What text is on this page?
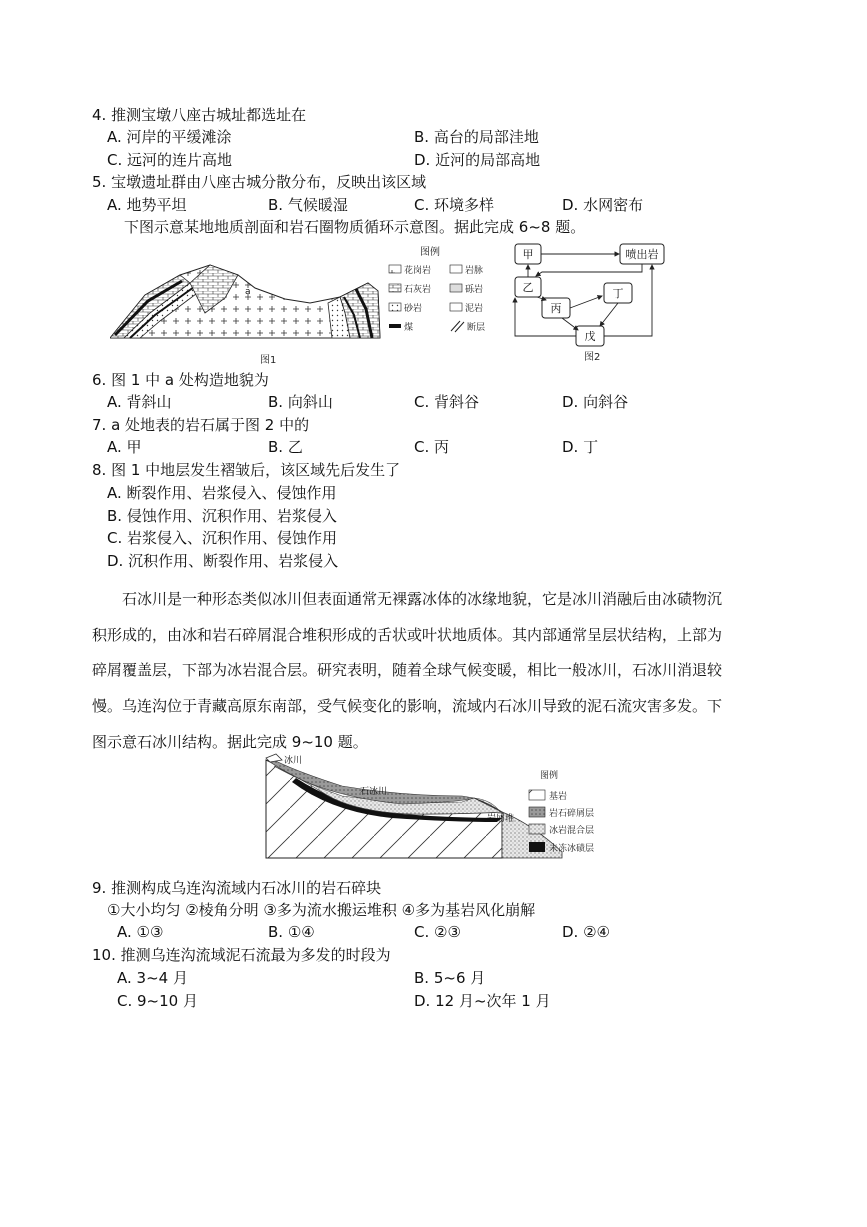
4. 推测宝墩八座古城址都选址在
A. 河岸的平缓滩涂	B. 高台的局部洼地
C. 远河的连片高地	D. 近河的局部高地
5. 宝墩遗址群由八座古城分散分布，反映出该区域
A. 地势平坦	B. 气候暖湿	C. 环境多样	D. 水网密布
下图示意某地地质剖面和岩石圈物质循环示意图。据此完成 6~8 题。
a
图1
图例
花岗岩	岩脉
石灰岩	砾岩
砂岩	泥岩
煤	断层
甲
乙
丙
丁
戊
喷出岩
图2
6. 图 1 中 a 处构造地貌为
A. 背斜山	B. 向斜山	C. 背斜谷	D. 向斜谷
7. a 处地表的岩石属于图 2 中的
A. 甲	B. 乙	C. 丙	D. 丁
8. 图 1 中地层发生褶皱后，该区域先后发生了
A. 断裂作用、岩浆侵入、侵蚀作用
B. 侵蚀作用、沉积作用、岩浆侵入
C. 岩浆侵入、沉积作用、侵蚀作用
D. 沉积作用、断裂作用、岩浆侵入
石冰川是一种形态类似冰川但表面通常无裸露冰体的冰缘地貌，它是冰川消融后由冰碛物沉
积形成的，由冰和岩石碎屑混合堆积形成的舌状或叶状地质体。其内部通常呈层状结构，上部为
碎屑覆盖层，下部为冰岩混合层。研究表明，随着全球气候变暖，相比一般冰川，石冰川消退较
慢。乌连沟位于青藏高原东南部，受气候变化的影响，流域内石冰川导致的泥石流灾害多发。下
图示意石冰川结构。据此完成 9~10 题。
冰川
石冰川
岩屑堆
图例
基岩
岩石碎屑层
冰岩混合层
未冻冰碛层
9. 推测构成乌连沟流域内石冰川的岩石碎块
①大小均匀 ②棱角分明 ③多为流水搬运堆积 ④多为基岩风化崩解
A. ①③	B. ①④	C. ②③	D. ②④
10. 推测乌连沟流域泥石流最为多发的时段为
A. 3~4 月	B. 5~6 月
C. 9~10 月	D. 12 月~次年 1 月
